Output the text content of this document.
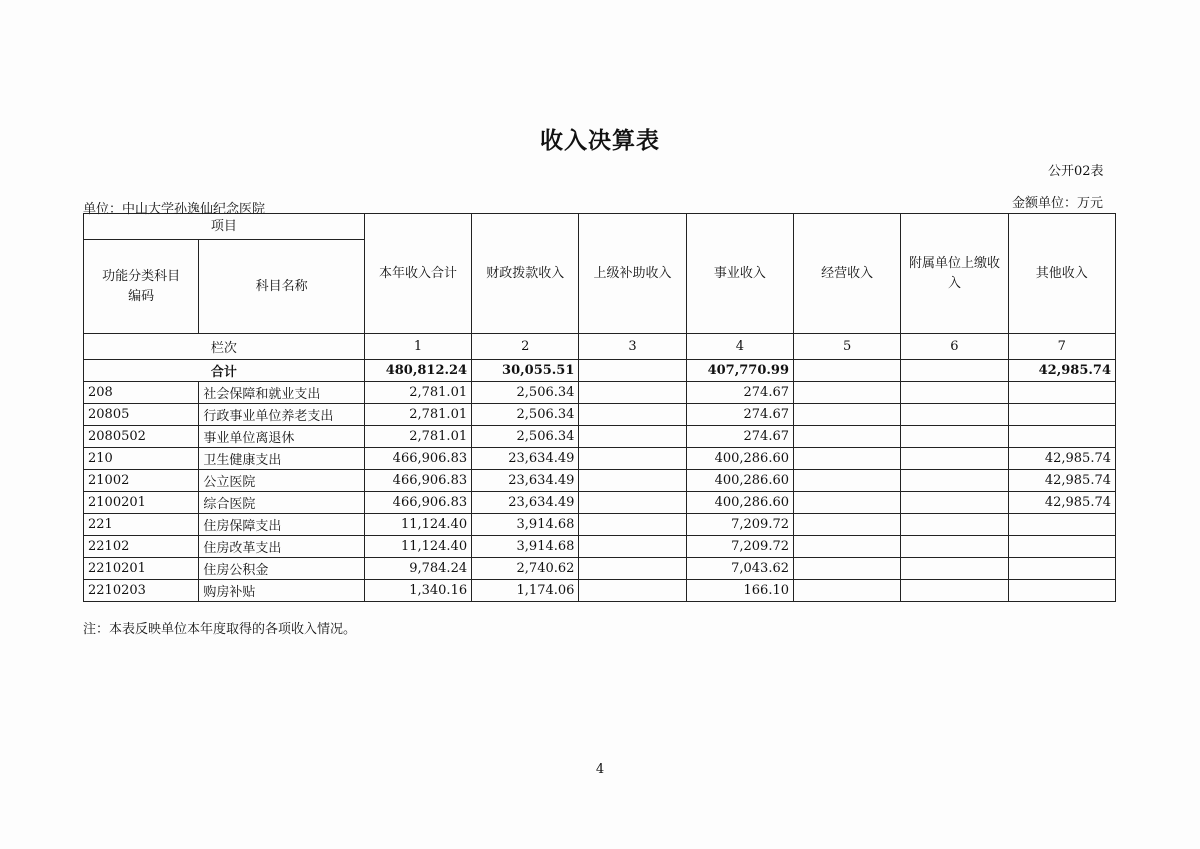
收入决算表
公开02表
单位：中山大学孙逸仙纪念医院	金额单位：万元
项目		本年收入合计	财政拨款收入	上级补助收入	事业收入	经营收入	附属单位上缴收入	其他收入
功能分类科目编码	科目名称							
栏次		1	2	3	4	5	6	7
合计		480,812.24	30,055.51		407,770.99			42,985.74
208	社会保障和就业支出	2,781.01	2,506.34		274.67			
20805	行政事业单位养老支出	2,781.01	2,506.34		274.67			
2080502	事业单位离退休	2,781.01	2,506.34		274.67			
210	卫生健康支出	466,906.83	23,634.49		400,286.60			42,985.74
21002	公立医院	466,906.83	23,634.49		400,286.60			42,985.74
2100201	综合医院	466,906.83	23,634.49		400,286.60			42,985.74
221	住房保障支出	11,124.40	3,914.68		7,209.72			
22102	住房改革支出	11,124.40	3,914.68		7,209.72			
2210201	住房公积金	9,784.24	2,740.62		7,043.62			
2210203	购房补贴	1,340.16	1,174.06		166.10			
注：本表反映单位本年度取得的各项收入情况。
4
